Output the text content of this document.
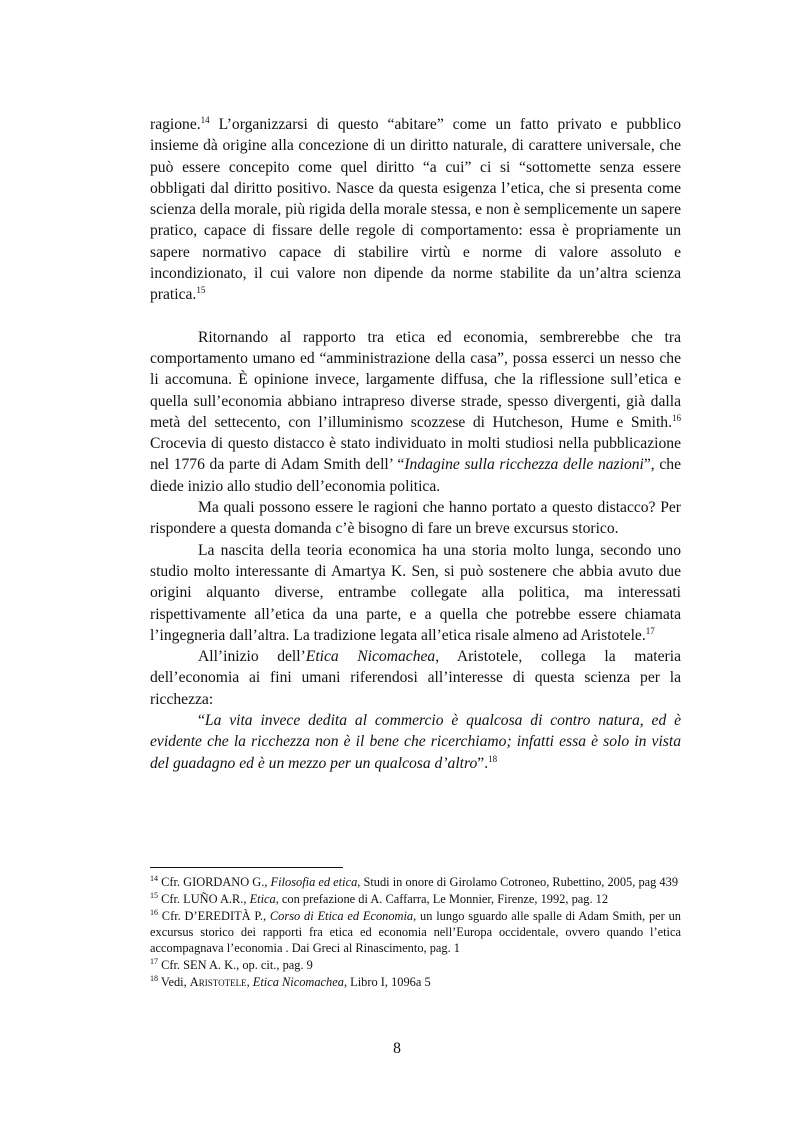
ragione.$^{14}$ L’organizzarsi di questo “abitare” come un fatto privato e pubblico insieme dà origine alla concezione di un diritto naturale, di carattere universale, che può essere concepito come quel diritto “a cui” ci si “sottomette senza essere obbligati dal diritto positivo. Nasce da questa esigenza l’etica, che si presenta come scienza della morale, più rigida della morale stessa, e non è semplicemente un sapere pratico, capace di fissare delle regole di comportamento: essa è propriamente un sapere normativo capace di stabilire virtù e norme di valore assoluto e incondizionato, il cui valore non dipende da norme stabilite da un’altra scienza pratica.$^{15}$

Ritornando al rapporto tra etica ed economia, sembrerebbe che tra comportamento umano ed “amministrazione della casa”, possa esserci un nesso che li accomuna. È opinione invece, largamente diffusa, che la riflessione sull’etica e quella sull’economia abbiano intrapreso diverse strade, spesso divergenti, già dalla metà del settecento, con l’illuminismo scozzese di Hutcheson, Hume e Smith.$^{16}$ Crocevia di questo distacco è stato individuato in molti studiosi nella pubblicazione nel 1776 da parte di Adam Smith dell’ “Indagine sulla ricchezza delle nazioni”, che diede inizio allo studio dell’economia politica.

Ma quali possono essere le ragioni che hanno portato a questo distacco? Per rispondere a questa domanda c’è bisogno di fare un breve excursus storico.

La nascita della teoria economica ha una storia molto lunga, secondo uno studio molto interessante di Amartya K. Sen, si può sostenere che abbia avuto due origini alquanto diverse, entrambe collegate alla politica, ma interessati rispettivamente all’etica da una parte, e a quella che potrebbe essere chiamata l’ingegneria dall’altra. La tradizione legata all’etica risale almeno ad Aristotele.$^{17}$

All’inizio dell’Etica Nicomachea, Aristotele, collega la materia dell’economia ai fini umani riferendosi all’interesse di questa scienza per la ricchezza:

“La vita invece dedita al commercio è qualcosa di contro natura, ed è evidente che la ricchezza non è il bene che ricerchiamo; infatti essa è solo in vista del guadagno ed è un mezzo per un qualcosa d’altro”.$^{18}$

$^{14}$ Cfr. GIORDANO G., Filosofia ed etica, Studi in onore di Girolamo Cotroneo, Rubettino, 2005, pag 439

$^{15}$ Cfr. LUÑO A.R., Etica, con prefazione di A. Caffarra, Le Monnier, Firenze, 1992, pag. 12

$^{16}$ Cfr. D’EREDITÀ P., Corso di Etica ed Economia, un lungo sguardo alle spalle di Adam Smith, per un excursus storico dei rapporti fra etica ed economia nell’Europa occidentale, ovvero quando l’etica accompagnava l’economia . Dai Greci al Rinascimento, pag. 1

$^{17}$ Cfr. SEN A. K., op. cit., pag. 9

$^{18}$ Vedi, Aristotele, Etica Nicomachea, Libro I, 1096a 5

8
